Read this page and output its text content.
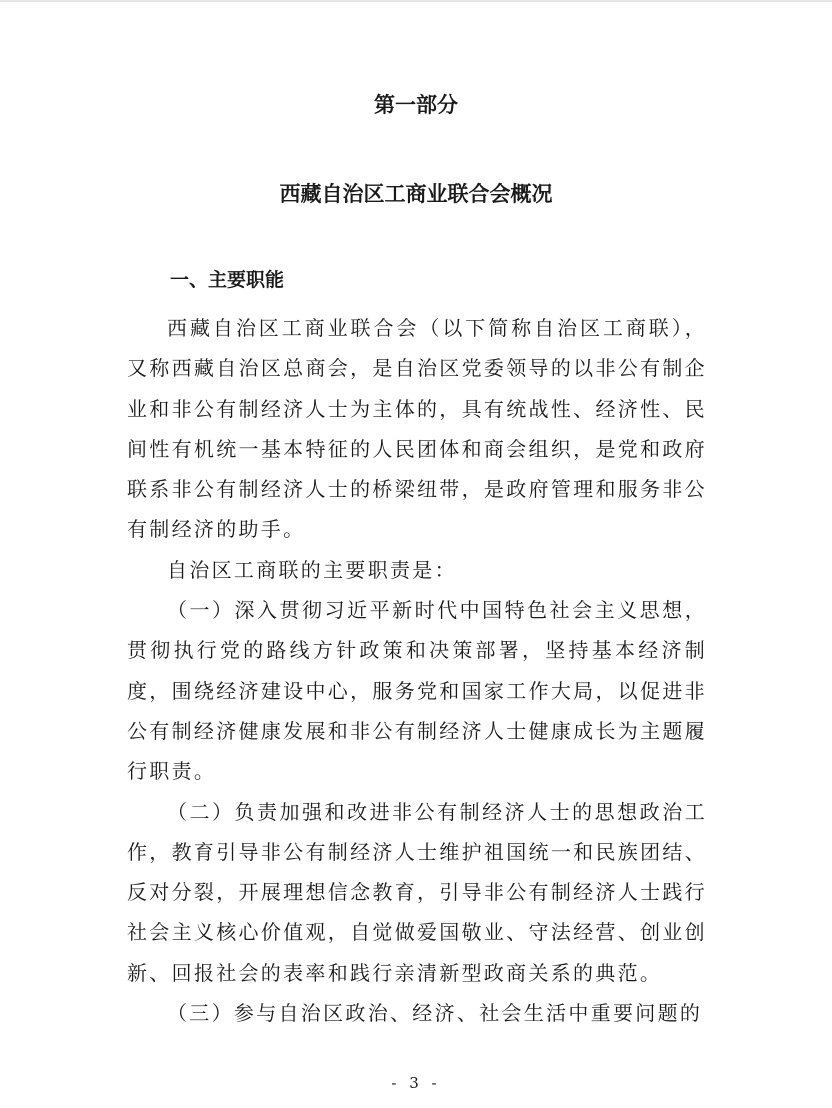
第一部分
西藏自治区工商业联合会概况
一、主要职能

西藏自治区工商业联合会（以下简称自治区工商联），又称西藏自治区总商会，是自治区党委领导的以非公有制企业和非公有制经济人士为主体的，具有统战性、经济性、民间性有机统一基本特征的人民团体和商会组织，是党和政府联系非公有制经济人士的桥梁纽带，是政府管理和服务非公有制经济的助手。

自治区工商联的主要职责是：

（一）深入贯彻习近平新时代中国特色社会主义思想，贯彻执行党的路线方针政策和决策部署，坚持基本经济制度，围绕经济建设中心，服务党和国家工作大局，以促进非公有制经济健康发展和非公有制经济人士健康成长为主题履行职责。

（二）负责加强和改进非公有制经济人士的思想政治工作，教育引导非公有制经济人士维护祖国统一和民族团结、反对分裂，开展理想信念教育，引导非公有制经济人士践行社会主义核心价值观，自觉做爱国敬业、守法经营、创业创新、回报社会的表率和践行亲清新型政商关系的典范。

（三）参与自治区政治、经济、社会生活中重要问题的

- 3 -
